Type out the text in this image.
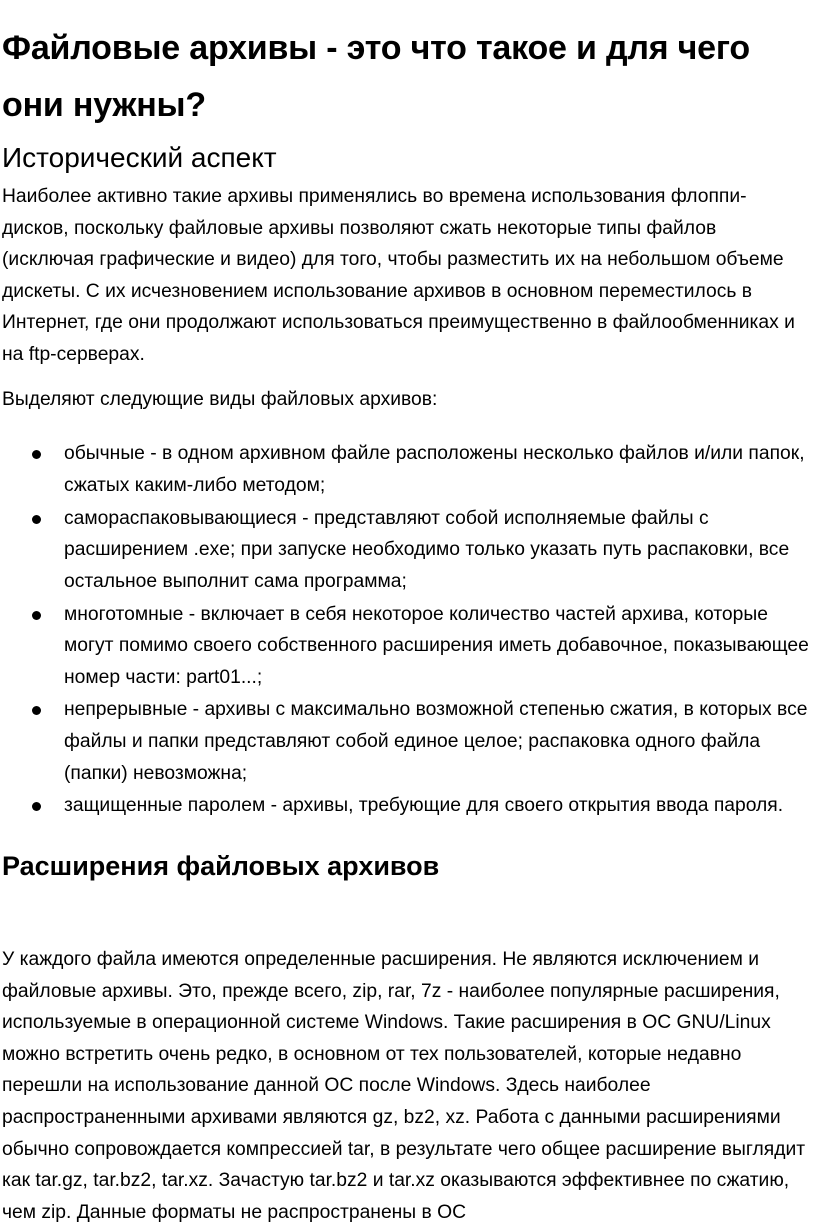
Файловые архивы - это что такое и для чего они нужны?
Исторический аспект

Наиболее активно такие архивы применялись во времена использования флоппи-дисков, поскольку файловые архивы позволяют сжать некоторые типы файлов (исключая графические и видео) для того, чтобы разместить их на небольшом объеме дискеты. С их исчезновением использование архивов в основном переместилось в Интернет, где они продолжают использоваться преимущественно в файлообменниках и на ftp-серверах.

Выделяют следующие виды файловых архивов:

обычные - в одном архивном файле расположены несколько файлов и/или папок, сжатых каким-либо методом;
самораспаковывающиеся - представляют собой исполняемые файлы с расширением .exe; при запуске необходимо только указать путь распаковки, все остальное выполнит сама программа;
многотомные - включает в себя некоторое количество частей архива, которые могут помимо своего собственного расширения иметь добавочное, показывающее номер части: part01...;
непрерывные - архивы с максимально возможной степенью сжатия, в которых все файлы и папки представляют собой единое целое; распаковка одного файла (папки) невозможна;
защищенные паролем - архивы, требующие для своего открытия ввода пароля.
Расширения файловых архивов

У каждого файла имеются определенные расширения. Не являются исключением и файловые архивы. Это, прежде всего, zip, rar, 7z - наиболее популярные расширения, используемые в операционной системе Windows. Такие расширения в ОС GNU/Linux можно встретить очень редко, в основном от тех пользователей, которые недавно перешли на использование данной ОС после Windows. Здесь наиболее распространенными архивами являются gz, bz2, xz. Работа с данными расширениями обычно сопровождается компрессией tar, в результате чего общее расширение выглядит как tar.gz, tar.bz2, tar.xz. Зачастую tar.bz2 и tar.xz оказываются эффективнее по сжатию, чем zip. Данные форматы не распространены в ОС
